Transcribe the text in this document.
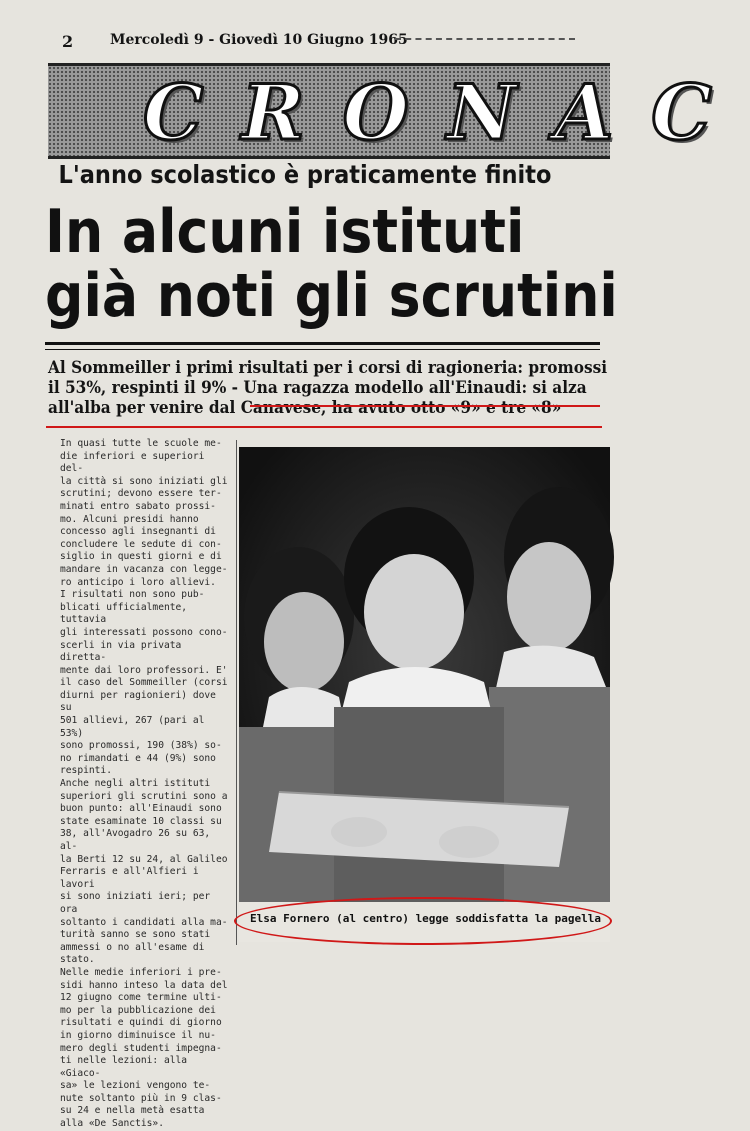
2	Mercoledì 9 - Giovedì 10 Giugno 1965
CRONAC
L'anno scolastico è praticamente finito
In alcuni istituti
già noti gli scrutini
Al Sommeiller i primi risultati per i corsi di ragioneria: promossi
il 53%, respinti il 9% - Una ragazza modello all'Einaudi: si alza
all'alba per venire dal Canavese, ha avuto otto «9» e tre «8»

In quasi tutte le scuole me-

die inferiori e superiori del-

la città si sono iniziati gli

scrutini; devono essere ter-

minati entro sabato prossi-

mo. Alcuni presidi hanno

concesso agli insegnanti di

concludere le sedute di con-

siglio in questi giorni e di

mandare in vacanza con legge-

ro anticipo i loro allievi.

I risultati non sono pub-

blicati ufficialmente, tuttavia

gli interessati possono cono-

scerli in via privata diretta-

mente dai loro professori. E'

il caso del Sommeiller (corsi

diurni per ragionieri) dove su

501 allievi, 267 (pari al 53%)

sono promossi, 190 (38%) so-

no rimandati e 44 (9%) sono

respinti.

Anche negli altri istituti

superiori gli scrutini sono a

buon punto: all'Einaudi sono

state esaminate 10 classi su

38, all'Avogadro 26 su 63, al-

la Berti 12 su 24, al Galileo

Ferraris e all'Alfieri i lavori

si sono iniziati ieri; per ora

soltanto i candidati alla ma-

turità sanno se sono stati

ammessi o no all'esame di

stato.

Nelle medie inferiori i pre-

sidi hanno inteso la data del

12 giugno come termine ulti-

mo per la pubblicazione dei

risultati e quindi di giorno

in giorno diminuisce il nu-

mero degli studenti impegna-

ti nelle lezioni: alla «Giaco-

sa» le lezioni vengono te-

nute soltanto più in 9 clas-

su 24 e nella metà esatta

alla «De Sanctis».

Elsa Fornero (al centro) legge soddisfatta la pagella
